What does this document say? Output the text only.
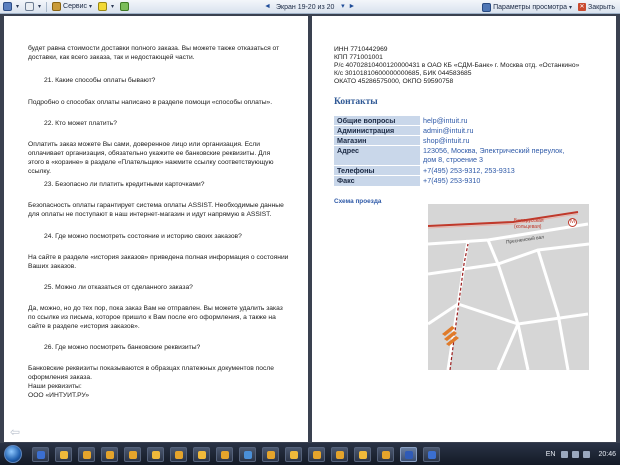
▾	▾	Сервис ▾	▾	◄ Экран 19-20 из 20 ▾ ►	Параметры просмотра ▾ ✕ Закрыть
будет равна стоимости доставки полного заказа. Вы можете также отказаться от
доставки, как всего заказа, так и недостающей части.
21. Какие способы оплаты бывают?
Подробно о способах оплаты написано в разделе помощи «способы оплаты».
22. Кто может платить?
Оплатить заказ можете Вы сами, доверенное лицо или организация. Если
оплачивает организация, обязательно укажите ее банковские реквизиты. Для
этого в «корзине» в разделе «Плательщик» нажмите ссылку соответствующую ссылку.
23. Безопасно ли платить кредитными карточками?
Безопасность оплаты гарантирует система оплаты ASSIST. Необходимые данные
для оплаты не поступают в наш интернет-магазин и идут напрямую в ASSIST.
24. Где можно посмотреть состояние и историю своих заказов?
На сайте в разделе «история заказов» приведена полная информация о состоянии
Ваших заказов.
25. Можно ли отказаться от сделанного заказа?
Да, можно, но до тех пор, пока заказ Вам не отправлен. Вы можете удалить заказ
по ссылке из письма, которое пришло к Вам после его оформления, а также на
сайте в разделе «история заказов».
26. Где можно посмотреть банковские реквизиты?
Банковские реквизиты показываются в образцах платежных документов после
оформления заказа.
Наши реквизиты:
ООО «ИНТУИТ.РУ»
⇦
ИНН 7710442969
КПП 771001001
Р/с 40702810400120000431 в ОАО КБ «СДМ-Банк» г. Москва отд. «Останкино»
К/с 30101810600000000685, БИК 044583685
ОКАТО 45286575000, ОКПО 59590758
Контакты
Общие вопросы	help@intuit.ru
Администрация	admin@intuit.ru
Магазин	shop@intuit.ru
Адрес	123056, Москва, Электрический переулок,
дом 8, строение 3
Телефоны	+7(495) 253-9312, 253-9313
Факс	+7(495) 253-9310
Схема проезда
Пресненский вал
Белорусская
(кольцевая)
М
EN	20:46
